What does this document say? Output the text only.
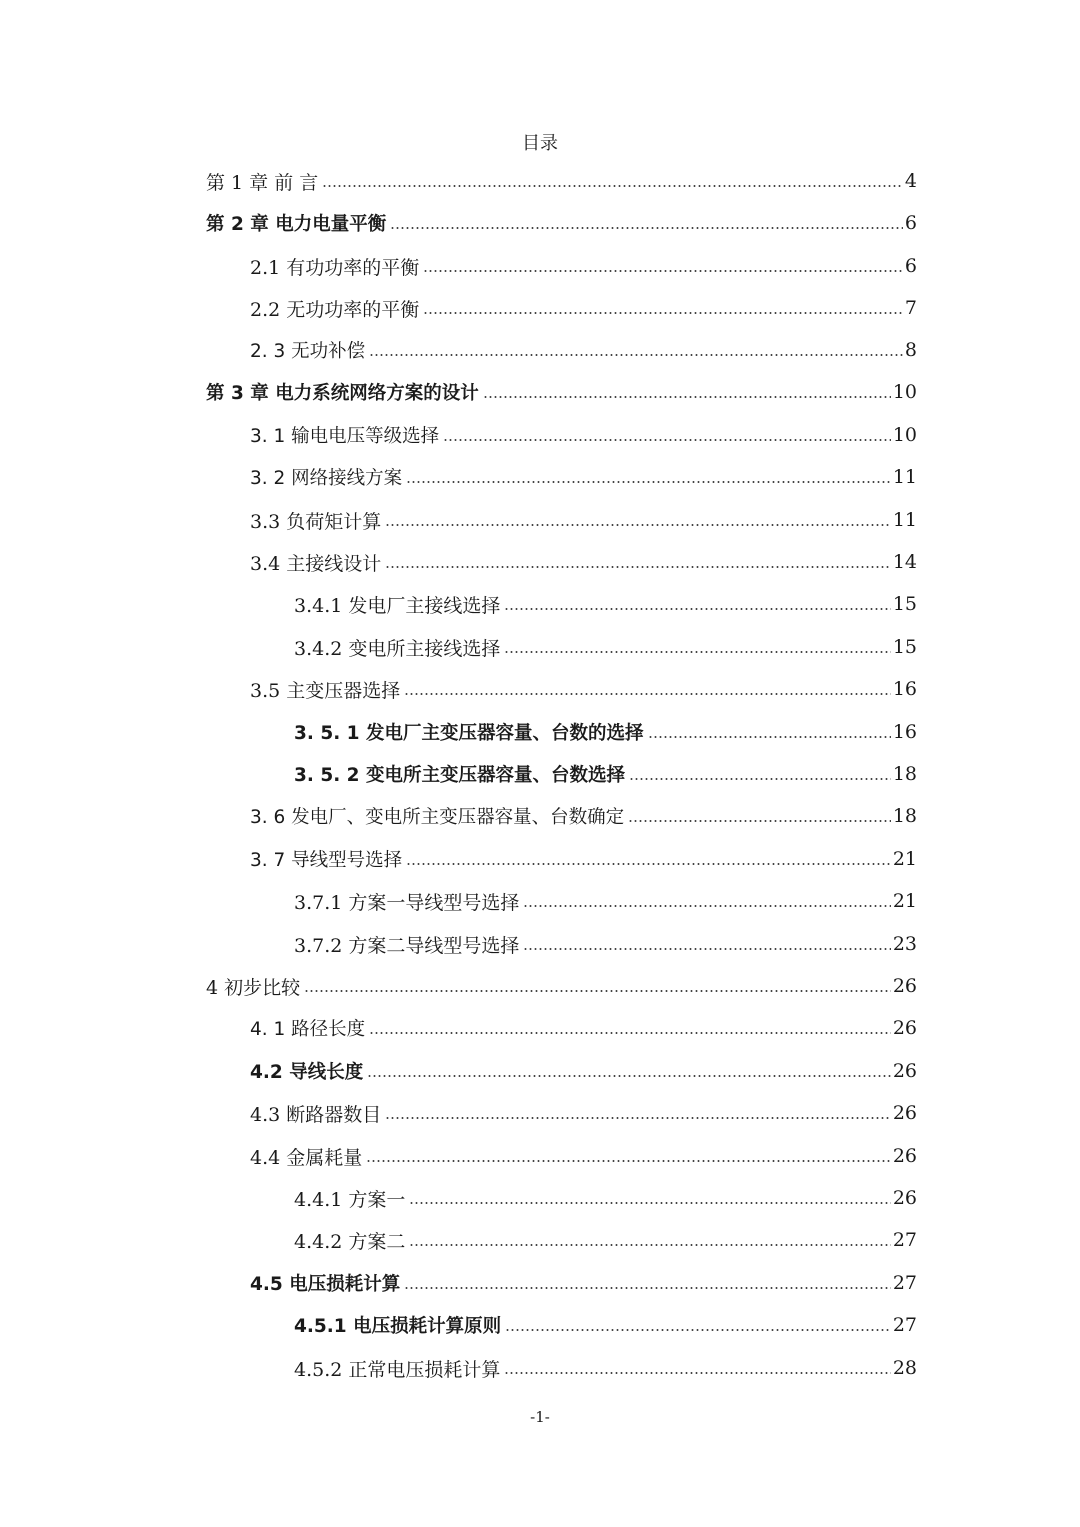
目录
第 1 章 前 言	4
第 2 章 电力电量平衡	6
2.1 有功功率的平衡	6
2.2 无功功率的平衡	7
2. 3 无功补偿	8
第 3 章 电力系统网络方案的设计	10
3. 1 输电电压等级选择	10
3. 2 网络接线方案	11
3.3 负荷矩计算	11
3.4 主接线设计	14
3.4.1 发电厂主接线选择	15
3.4.2 变电所主接线选择	15
3.5 主变压器选择	16
3. 5. 1 发电厂主变压器容量、台数的选择	16
3. 5. 2 变电所主变压器容量、台数选择	18
3. 6 发电厂、变电所主变压器容量、台数确定	18
3. 7 导线型号选择	21
3.7.1 方案一导线型号选择	21
3.7.2 方案二导线型号选择	23
4 初步比较	26
4. 1 路径长度	26
4.2 导线长度	26
4.3 断路器数目	26
4.4 金属耗量	26
4.4.1 方案一	26
4.4.2 方案二	27
4.5 电压损耗计算	27
4.5.1 电压损耗计算原则	27
4.5.2 正常电压损耗计算	28
-1-
